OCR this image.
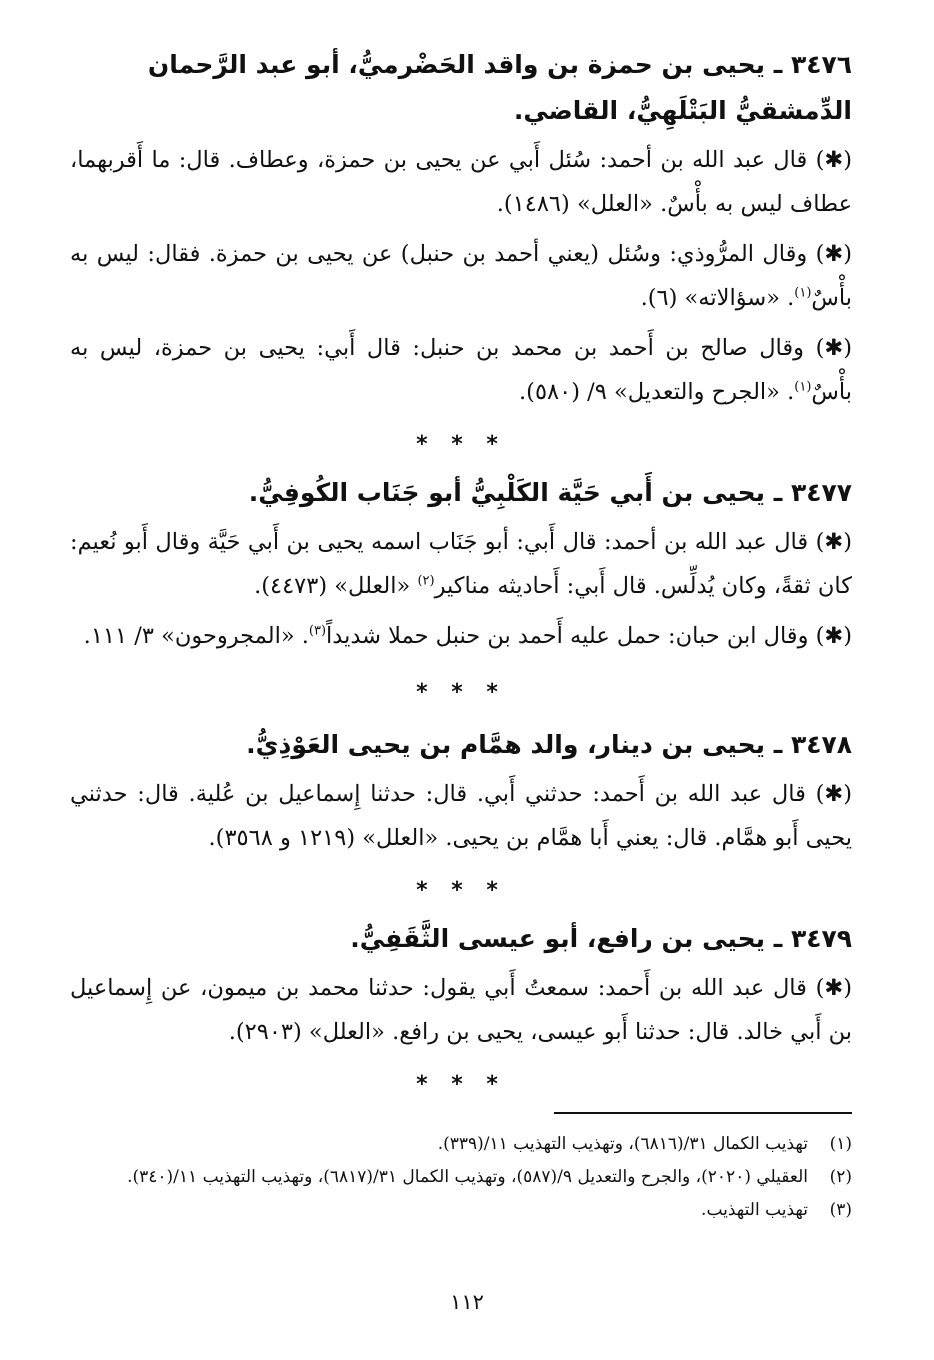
٣٤٧٦ ـ يحيى بن حمزة بن واقد الحَضْرميُّ، أبو عبد الرَّحمان الدِّمشقيُّ البَتْلَهِيُّ، القاضي.

(✱) قال عبد الله بن أحمد: سُئل أَبي عن يحيى بن حمزة، وعطاف. قال: ما أَقربهما، عطاف ليس به بأْسٌ. «العلل» (١٤٨٦).

(✱) وقال المرُّوذي: وسُئل (يعني أحمد بن حنبل) عن يحيى بن حمزة. فقال: ليس به بأْسٌ$^{(١)}$. «سؤالاته» (٦).

(✱) وقال صالح بن أَحمد بن محمد بن حنبل: قال أَبي: يحيى بن حمزة، ليس به بأْسٌ$^{(١)}$. «الجرح والتعديل» ٩/ (٥٨٠).

* * *
٣٤٧٧ ـ يحيى بن أَبي حَيَّة الكَلْبِيُّ أبو جَنَاب الكُوفِيُّ.

(✱) قال عبد الله بن أحمد: قال أَبي: أبو جَنَاب اسمه يحيى بن أَبي حَيَّة وقال أَبو نُعيم: كان ثقةً، وكان يُدلِّس. قال أَبي: أَحاديثه مناكير$^{(٢)}$ «العلل» (٤٤٧٣).

(✱) وقال ابن حبان: حمل عليه أَحمد بن حنبل حملا شديداً$^{(٣)}$. «المجروحون» ٣/ ١١١.

* * *
٣٤٧٨ ـ يحيى بن دينار، والد همَّام بن يحيى العَوْذِيُّ.

(✱) قال عبد الله بن أَحمد: حدثني أَبي. قال: حدثنا إِسماعيل بن عُلية. قال: حدثني يحيى أَبو همَّام. قال: يعني أَبا همَّام بن يحيى. «العلل» (١٢١٩ و ٣٥٦٨).

* * *
٣٤٧٩ ـ يحيى بن رافع، أبو عيسى الثَّقَفِيُّ.

(✱) قال عبد الله بن أَحمد: سمعتُ أَبي يقول: حدثنا محمد بن ميمون، عن إِسماعيل بن أَبي خالد. قال: حدثنا أَبو عيسى، يحيى بن رافع. «العلل» (٢٩٠٣).

* * *
(١)
تهذيب الكمال ٣١/(٦٨١٦)، وتهذيب التهذيب ١١/(٣٣٩).
(٢)
العقيلي (٢٠٢٠)، والجرح والتعديل ٩/(٥٨٧)، وتهذيب الكمال ٣١/(٦٨١٧)، وتهذيب التهذيب ١١/(٣٤٠).
(٣)
تهذيب التهذيب.
١١٢
